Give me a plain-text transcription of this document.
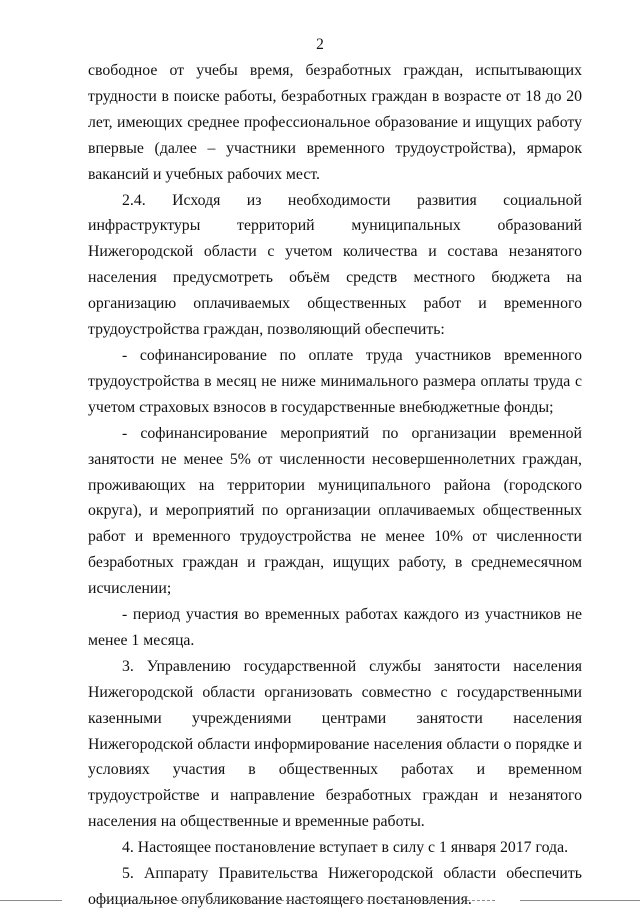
2

свободное от учебы время, безработных граждан, испытывающих трудности в поиске работы, безработных граждан в возрасте от 18 до 20 лет, имеющих среднее профессиональное образование и ищущих работу впервые (далее – участники временного трудоустройства), ярмарок вакансий и учебных рабочих мест.

2.4. Исходя из необходимости развития социальной инфраструктуры территорий муниципальных образований Нижегородской области с учетом количества и состава незанятого населения предусмотреть объём средств местного бюджета на организацию оплачиваемых общественных работ и временного трудоустройства граждан, позволяющий обеспечить:

- софинансирование по оплате труда участников временного трудоустройства в месяц не ниже минимального размера оплаты труда с учетом страховых взносов в государственные внебюджетные фонды;

- софинансирование мероприятий по организации временной занятости не менее 5% от численности несовершеннолетних граждан, проживающих на территории муниципального района (городского округа), и мероприятий по организации оплачиваемых общественных работ и временного трудоустройства не менее 10% от численности безработных граждан и граждан, ищущих работу, в среднемесячном исчислении;

- период участия во временных работах каждого из участников не менее 1 месяца.

3. Управлению государственной службы занятости населения Нижегородской области организовать совместно с государственными казенными учреждениями центрами занятости населения Нижегородской области информирование населения области о порядке и условиях участия в общественных работах и временном трудоустройстве и направление безработных граждан и незанятого населения на общественные и временные работы.

4. Настоящее постановление вступает в силу с 1 января 2017 года.

5. Аппарату Правительства Нижегородской области обеспечить официальное опубликование настоящего постановления.
